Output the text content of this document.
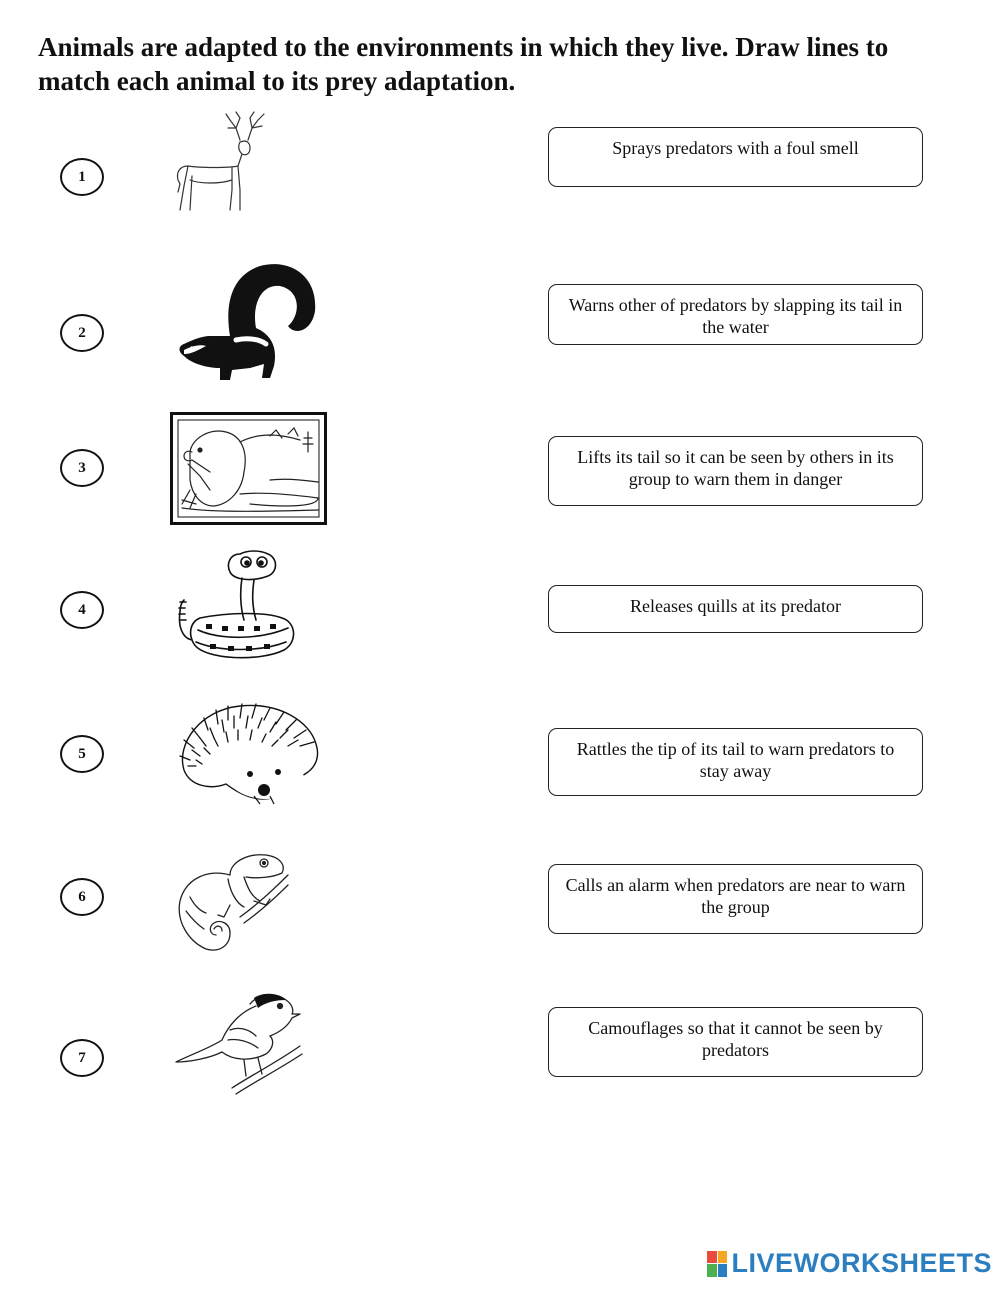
Animals are adapted to the environments in which they live. Draw lines to match each animal to its prey adaptation.
1
2
3
4
5
6
7
Sprays predators with a foul smell
Warns other of predators by slapping its tail in the water
Lifts its tail so it can be seen by others in its group to warn them in danger
Releases quills at its predator
Rattles the tip of its tail to warn predators to stay away
Calls an alarm when predators are near to warn the group
Camouflages so that it cannot be seen by predators
LIVEWORKSHEETS
